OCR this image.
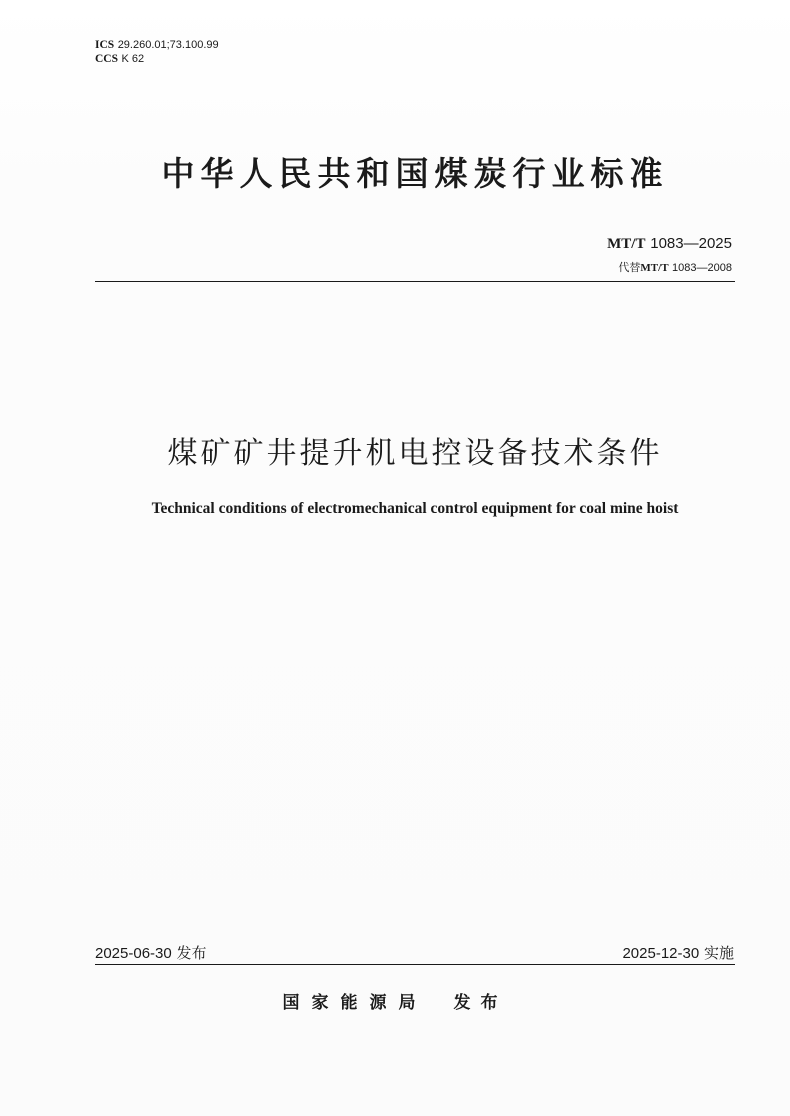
ICS 29.260.01;73.100.99
CCS K 62
中华人民共和国煤炭行业标准
MT/T 1083—2025
代替MT/T 1083—2008
煤矿矿井提升机电控设备技术条件
Technical conditions of electromechanical control equipment for coal mine hoist
2025-06-30 发布	2025-12-30 实施
国家能源局 发布
